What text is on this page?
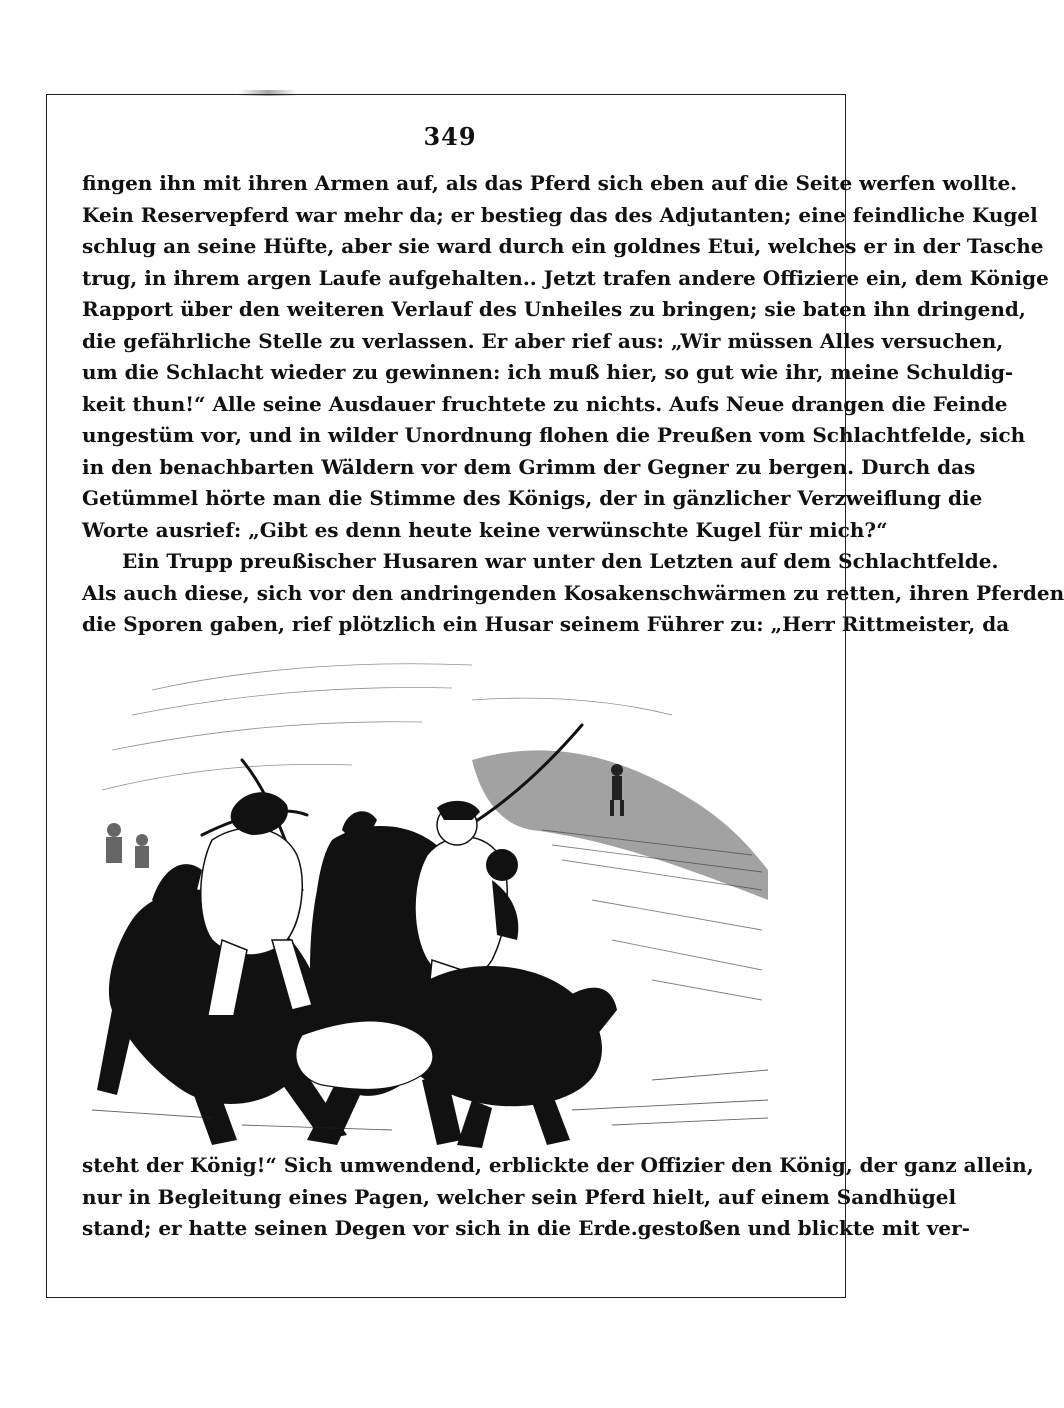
349
fingen ihn mit ihren Armen auf, als das Pferd sich eben auf die Seite werfen wollte.
Kein Reservepferd war mehr da; er bestieg das des Adjutanten; eine feindliche Kugel
schlug an seine Hüfte, aber sie ward durch ein goldnes Etui, welches er in der Tasche
trug, in ihrem argen Laufe aufgehalten.. Jetzt trafen andere Offiziere ein, dem Könige
Rapport über den weiteren Verlauf des Unheiles zu bringen; sie baten ihn dringend,
die gefährliche Stelle zu verlassen. Er aber rief aus: „Wir müssen Alles versuchen,
um die Schlacht wieder zu gewinnen: ich muß hier, so gut wie ihr, meine Schuldig-
keit thun!“ Alle seine Ausdauer fruchtete zu nichts. Aufs Neue drangen die Feinde
ungestüm vor, und in wilder Unordnung flohen die Preußen vom Schlachtfelde, sich
in den benachbarten Wäldern vor dem Grimm der Gegner zu bergen. Durch das
Getümmel hörte man die Stimme des Königs, der in gänzlicher Verzweiflung die
Worte ausrief: „Gibt es denn heute keine verwünschte Kugel für mich?“
Ein Trupp preußischer Husaren war unter den Letzten auf dem Schlachtfelde.
Als auch diese, sich vor den andringenden Kosakenschwärmen zu retten, ihren Pferden
die Sporen gaben, rief plötzlich ein Husar seinem Führer zu: „Herr Rittmeister, da
steht der König!“ Sich umwendend, erblickte der Offizier den König, der ganz allein,
nur in Begleitung eines Pagen, welcher sein Pferd hielt, auf einem Sandhügel
stand; er hatte seinen Degen vor sich in die Erde.gestoßen und blickte mit ver-
